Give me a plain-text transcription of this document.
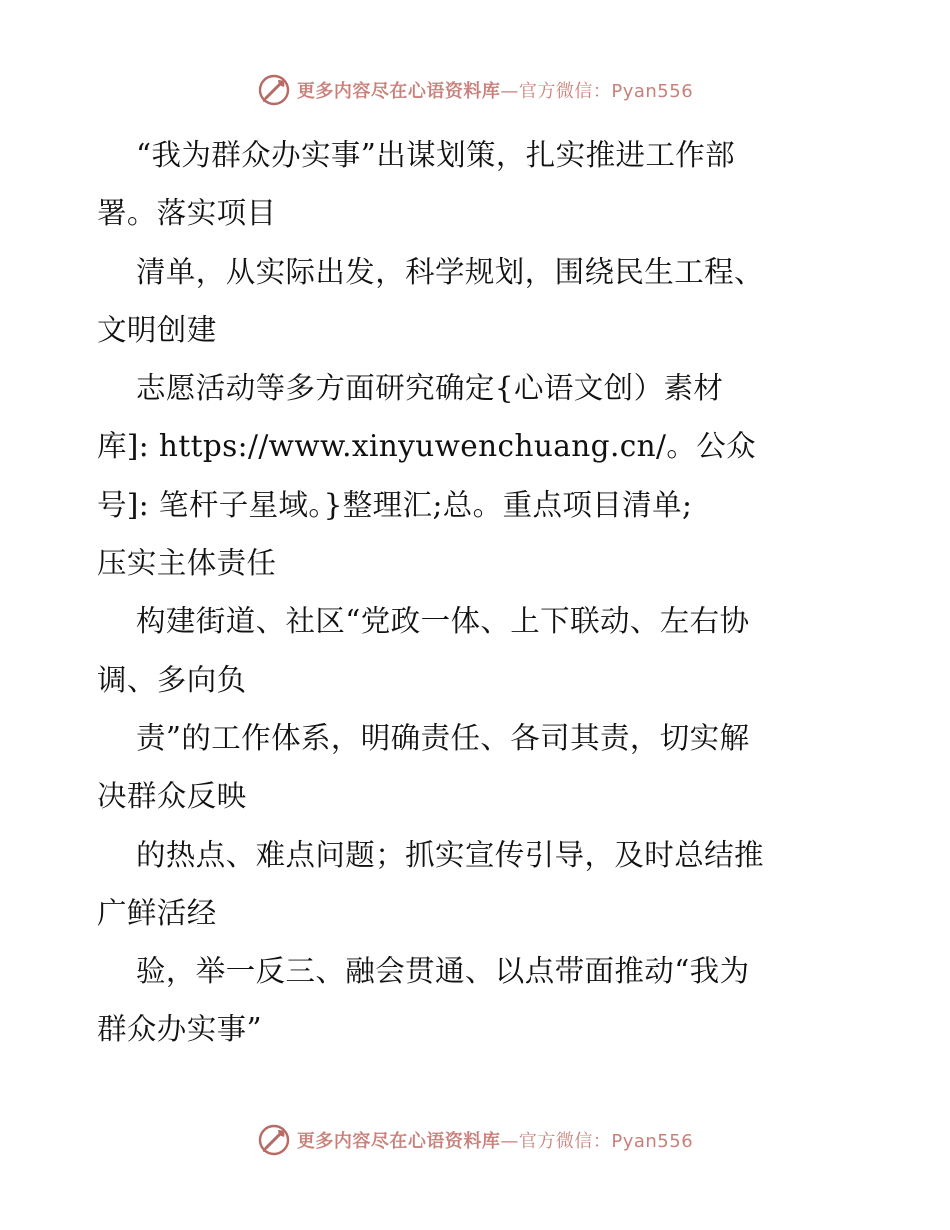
更多内容尽在心语资料库—官方微信：Pyan556
“我为群众办实事”出谋划策，扎实推进工作部
署。落实项目
清单，从实际出发，科学规划，围绕民生工程、
文明创建
志愿活动等多方面研究确定{心语文创）素材
库]: https://www.xinyuwenchuang.cn/。公众
号]: 笔杆子星域。}整理汇;总。重点项目清单;
压实主体责任
构建街道、社区“党政一体、上下联动、左右协
调、多向负
责”的工作体系，明确责任、各司其责，切实解
决群众反映
的热点、难点问题；抓实宣传引导，及时总结推
广鲜活经
验，举一反三、融会贯通、以点带面推动“我为
群众办实事”
更多内容尽在心语资料库—官方微信：Pyan556
